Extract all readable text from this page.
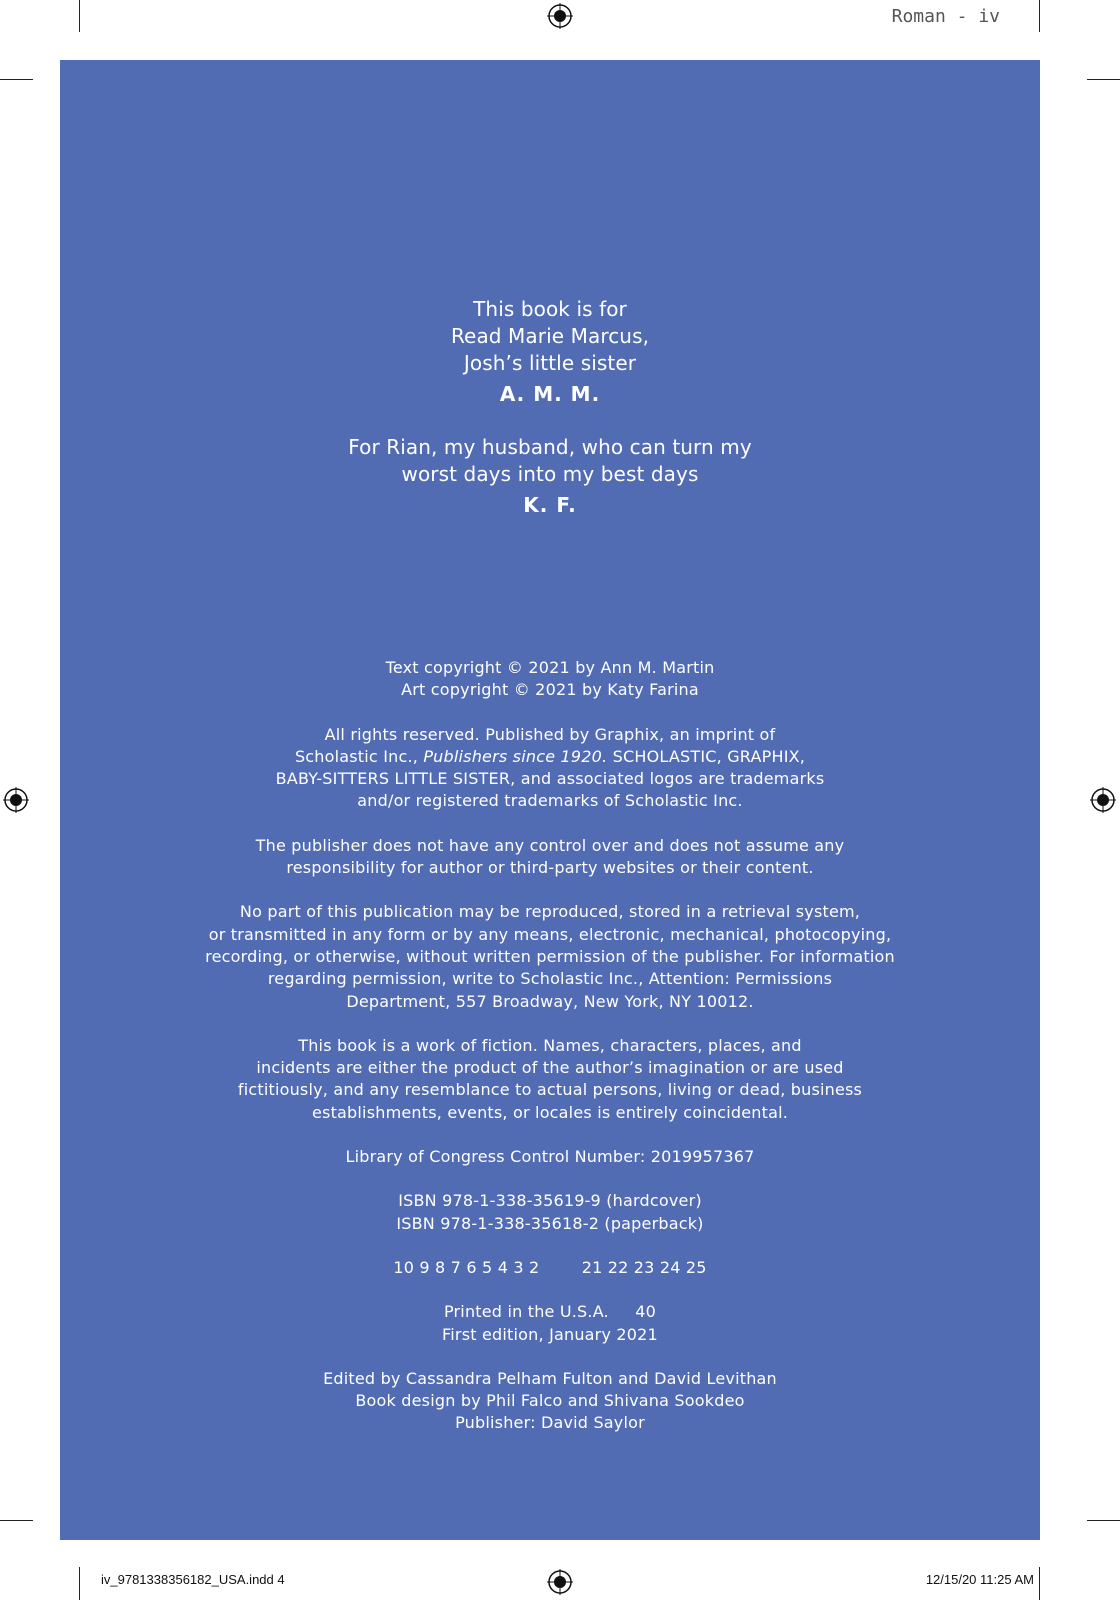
Roman - iv
iv_9781338356182_USA.indd 4	12/15/20 11:25 AM
This book is for
Read Marie Marcus,
Josh’s little sister
A. M. M.
For Rian, my husband, who can turn my
worst days into my best days
K. F.
Text copyright © 2021 by Ann M. Martin
Art copyright © 2021 by Katy Farina
All rights reserved. Published by Graphix, an imprint of
Scholastic Inc., Publishers since 1920. SCHOLASTIC, GRAPHIX,
BABY-SITTERS LITTLE SISTER, and associated logos are trademarks
and/or registered trademarks of Scholastic Inc.
The publisher does not have any control over and does not assume any
responsibility for author or third-party websites or their content.
No part of this publication may be reproduced, stored in a retrieval system,
or transmitted in any form or by any means, electronic, mechanical, photocopying,
recording, or otherwise, without written permission of the publisher. For information
regarding permission, write to Scholastic Inc., Attention: Permissions
Department, 557 Broadway, New York, NY 10012.
This book is a work of fiction. Names, characters, places, and
incidents are either the product of the author’s imagination or are used
fictitiously, and any resemblance to actual persons, living or dead, business
establishments, events, or locales is entirely coincidental.
Library of Congress Control Number: 2019957367
ISBN 978-1-338-35619-9 (hardcover)
ISBN 978-1-338-35618-2 (paperback)
10 9 8 7 6 5 4 3 2        21 22 23 24 25
Printed in the U.S.A.     40
First edition, January 2021
Edited by Cassandra Pelham Fulton and David Levithan
Book design by Phil Falco and Shivana Sookdeo
Publisher: David Saylor
